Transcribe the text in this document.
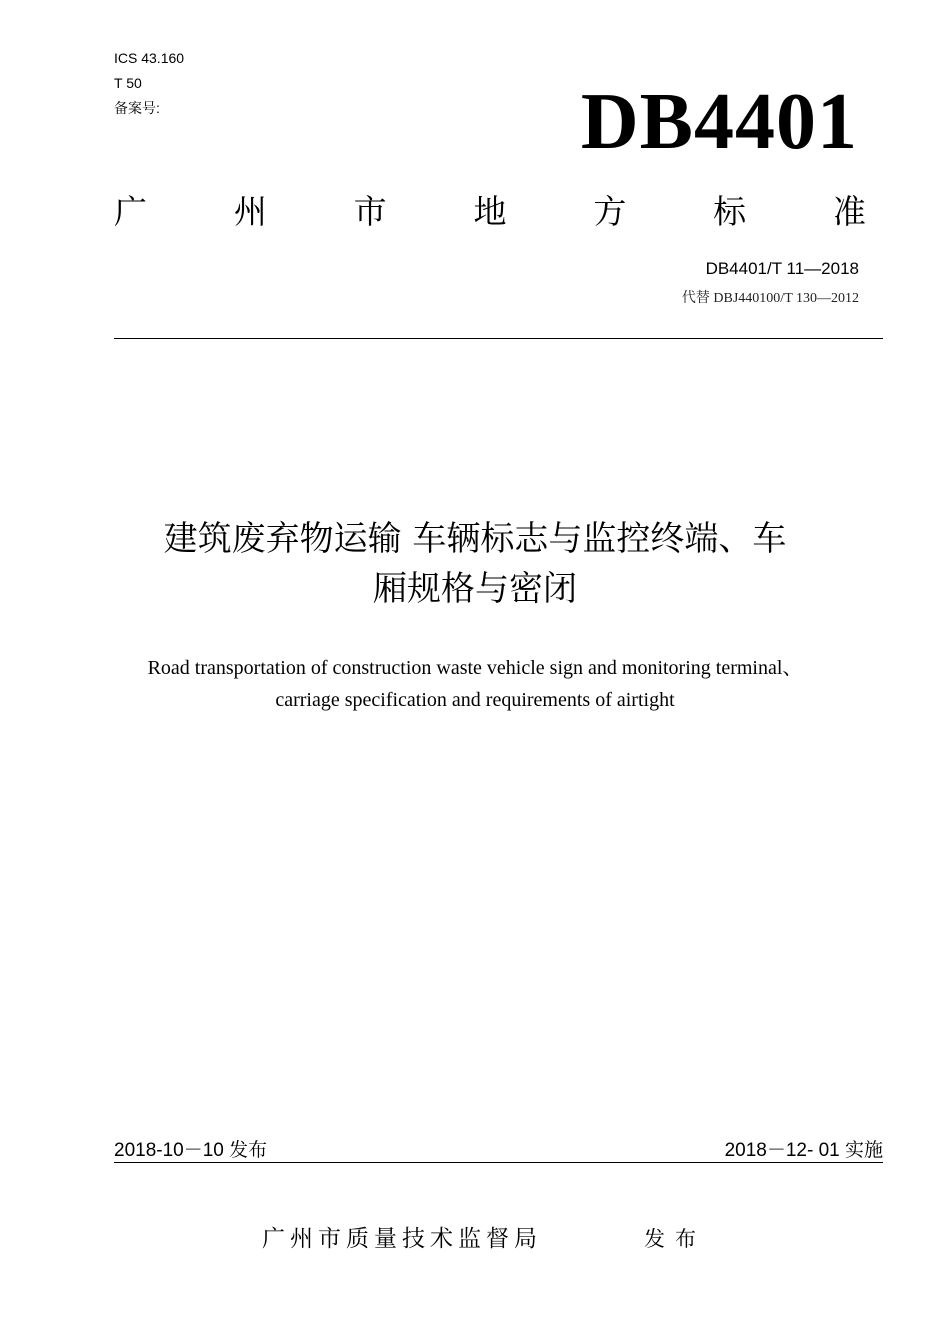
ICS 43.160
T 50
备案号:	DB4401
广	州	市	地	方	标	准
DB4401/T 11—2018
代替 DBJ440100/T 130—2012
建筑废弃物运输 车辆标志与监控终端、车
厢规格与密闭
Road transportation of construction waste vehicle sign and monitoring terminal、
carriage specification and requirements of airtight
2018-10－10 发布	2018－12- 01 实施
广州市质量技术监督局	发布
